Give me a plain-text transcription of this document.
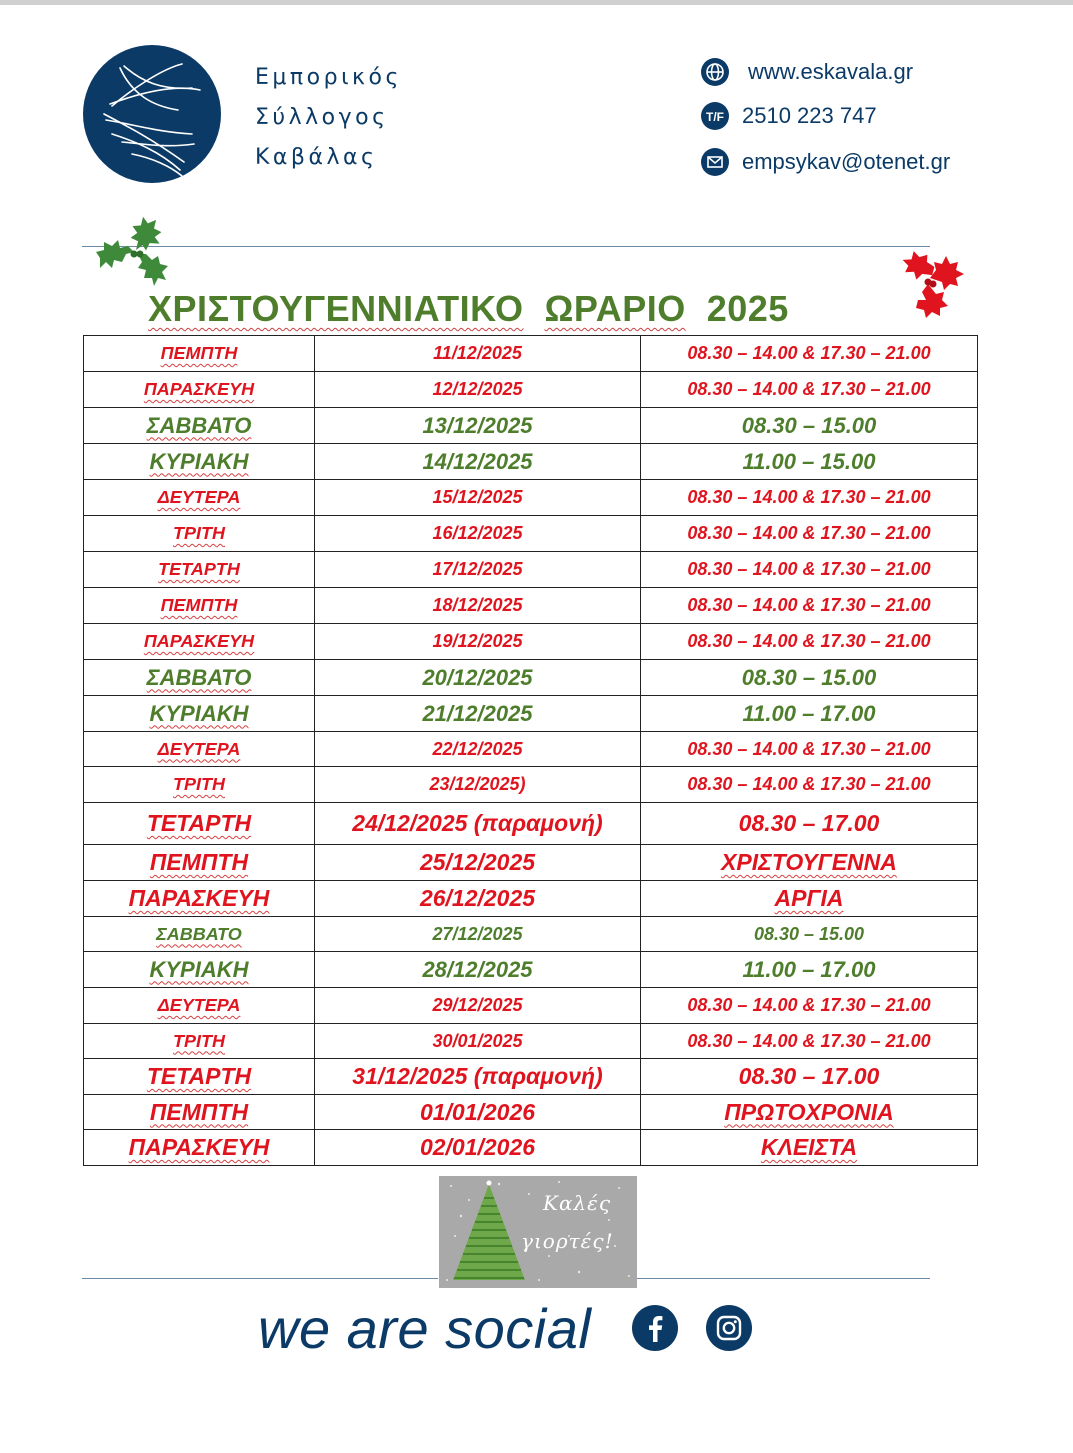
Εμπορικός
Σύλλογος
Καβάλας
www.eskavala.gr
T/F 2510 223 747
empsykav@otenet.gr
ΧΡΙΣΤΟΥΓΕΝΝΙΑΤΙΚΟ ΩΡΑΡΙΟ 2025
ΠΕΜΠΤΗ	11/12/2025	08.30 – 14.00 & 17.30 – 21.00
ΠΑΡΑΣΚΕΥΗ	12/12/2025	08.30 – 14.00 & 17.30 – 21.00
ΣΑΒΒΑΤΟ	13/12/2025	08.30 – 15.00
ΚΥΡΙΑΚΗ	14/12/2025	11.00 – 15.00
ΔΕΥΤΕΡΑ	15/12/2025	08.30 – 14.00 & 17.30 – 21.00
ΤΡΙΤΗ	16/12/2025	08.30 – 14.00 & 17.30 – 21.00
ΤΕΤΑΡΤΗ	17/12/2025	08.30 – 14.00 & 17.30 – 21.00
ΠΕΜΠΤΗ	18/12/2025	08.30 – 14.00 & 17.30 – 21.00
ΠΑΡΑΣΚΕΥΗ	19/12/2025	08.30 – 14.00 & 17.30 – 21.00
ΣΑΒΒΑΤΟ	20/12/2025	08.30 – 15.00
ΚΥΡΙΑΚΗ	21/12/2025	11.00 – 17.00
ΔΕΥΤΕΡΑ	22/12/2025	08.30 – 14.00 & 17.30 – 21.00
ΤΡΙΤΗ	23/12/2025)	08.30 – 14.00 & 17.30 – 21.00
ΤΕΤΑΡΤΗ	24/12/2025 (παραμονή)	08.30 – 17.00
ΠΕΜΠΤΗ	25/12/2025	ΧΡΙΣΤΟΥΓΕΝΝΑ
ΠΑΡΑΣΚΕΥΗ	26/12/2025	ΑΡΓΙΑ
ΣΑΒΒΑΤΟ	27/12/2025	08.30 – 15.00
ΚΥΡΙΑΚΗ	28/12/2025	11.00 – 17.00
ΔΕΥΤΕΡΑ	29/12/2025	08.30 – 14.00 & 17.30 – 21.00
ΤΡΙΤΗ	30/01/2025	08.30 – 14.00 & 17.30 – 21.00
ΤΕΤΑΡΤΗ	31/12/2025 (παραμονή)	08.30 – 17.00
ΠΕΜΠΤΗ	01/01/2026	ΠΡΩΤΟΧΡΟΝΙΑ
ΠΑΡΑΣΚΕΥΗ	02/01/2026	ΚΛΕΙΣΤΑ
Καλές
γιορτές!
we are social
